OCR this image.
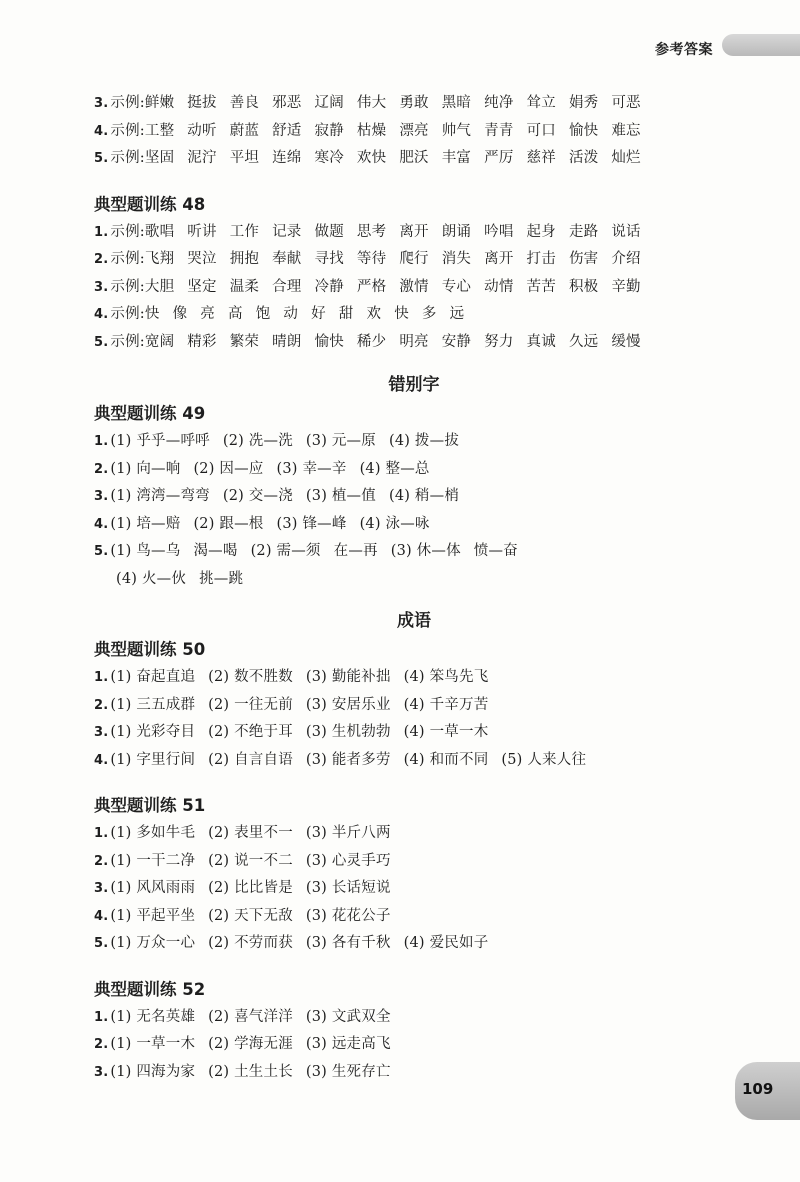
参考答案
3. 示例:鲜嫩 挺拔 善良 邪恶 辽阔 伟大 勇敢 黑暗 纯净 耸立 娟秀 可恶
4. 示例:工整 动听 蔚蓝 舒适 寂静 枯燥 漂亮 帅气 青青 可口 愉快 难忘
5. 示例:坚固 泥泞 平坦 连绵 寒冷 欢快 肥沃 丰富 严厉 慈祥 活泼 灿烂
典型题训练 48
1. 示例:歌唱 听讲 工作 记录 做题 思考 离开 朗诵 吟唱 起身 走路 说话
2. 示例:飞翔 哭泣 拥抱 奉献 寻找 等待 爬行 消失 离开 打击 伤害 介绍
3. 示例:大胆 坚定 温柔 合理 冷静 严格 激情 专心 动情 苦苦 积极 辛勤
4. 示例:快 像 亮 高 饱 动 好 甜 欢 快 多 远
5. 示例:宽阔 精彩 繁荣 晴朗 愉快 稀少 明亮 安静 努力 真诚 久远 缓慢
错别字
典型题训练 49
1. (1) 乎乎—呼呼 (2) 冼—洗 (3) 元—原 (4) 拨—拔
2. (1) 向—响 (2) 因—应 (3) 幸—辛 (4) 整—总
3. (1) 湾湾—弯弯 (2) 交—浇 (3) 植—值 (4) 稍—梢
4. (1) 培—赔 (2) 跟—根 (3) 锋—峰 (4) 泳—咏
5. (1) 鸟—乌 渴—喝 (2) 需—须 在—再 (3) 休—体 愤—奋
(4) 火—伙 挑—跳
成语
典型题训练 50
1. (1) 奋起直追 (2) 数不胜数 (3) 勤能补拙 (4) 笨鸟先飞
2. (1) 三五成群 (2) 一往无前 (3) 安居乐业 (4) 千辛万苦
3. (1) 光彩夺目 (2) 不绝于耳 (3) 生机勃勃 (4) 一草一木
4. (1) 字里行间 (2) 自言自语 (3) 能者多劳 (4) 和而不同 (5) 人来人往
典型题训练 51
1. (1) 多如牛毛 (2) 表里不一 (3) 半斤八两
2. (1) 一干二净 (2) 说一不二 (3) 心灵手巧
3. (1) 风风雨雨 (2) 比比皆是 (3) 长话短说
4. (1) 平起平坐 (2) 天下无敌 (3) 花花公子
5. (1) 万众一心 (2) 不劳而获 (3) 各有千秋 (4) 爱民如子
典型题训练 52
1. (1) 无名英雄 (2) 喜气洋洋 (3) 文武双全
2. (1) 一草一木 (2) 学海无涯 (3) 远走高飞
3. (1) 四海为家 (2) 土生土长 (3) 生死存亡
109
